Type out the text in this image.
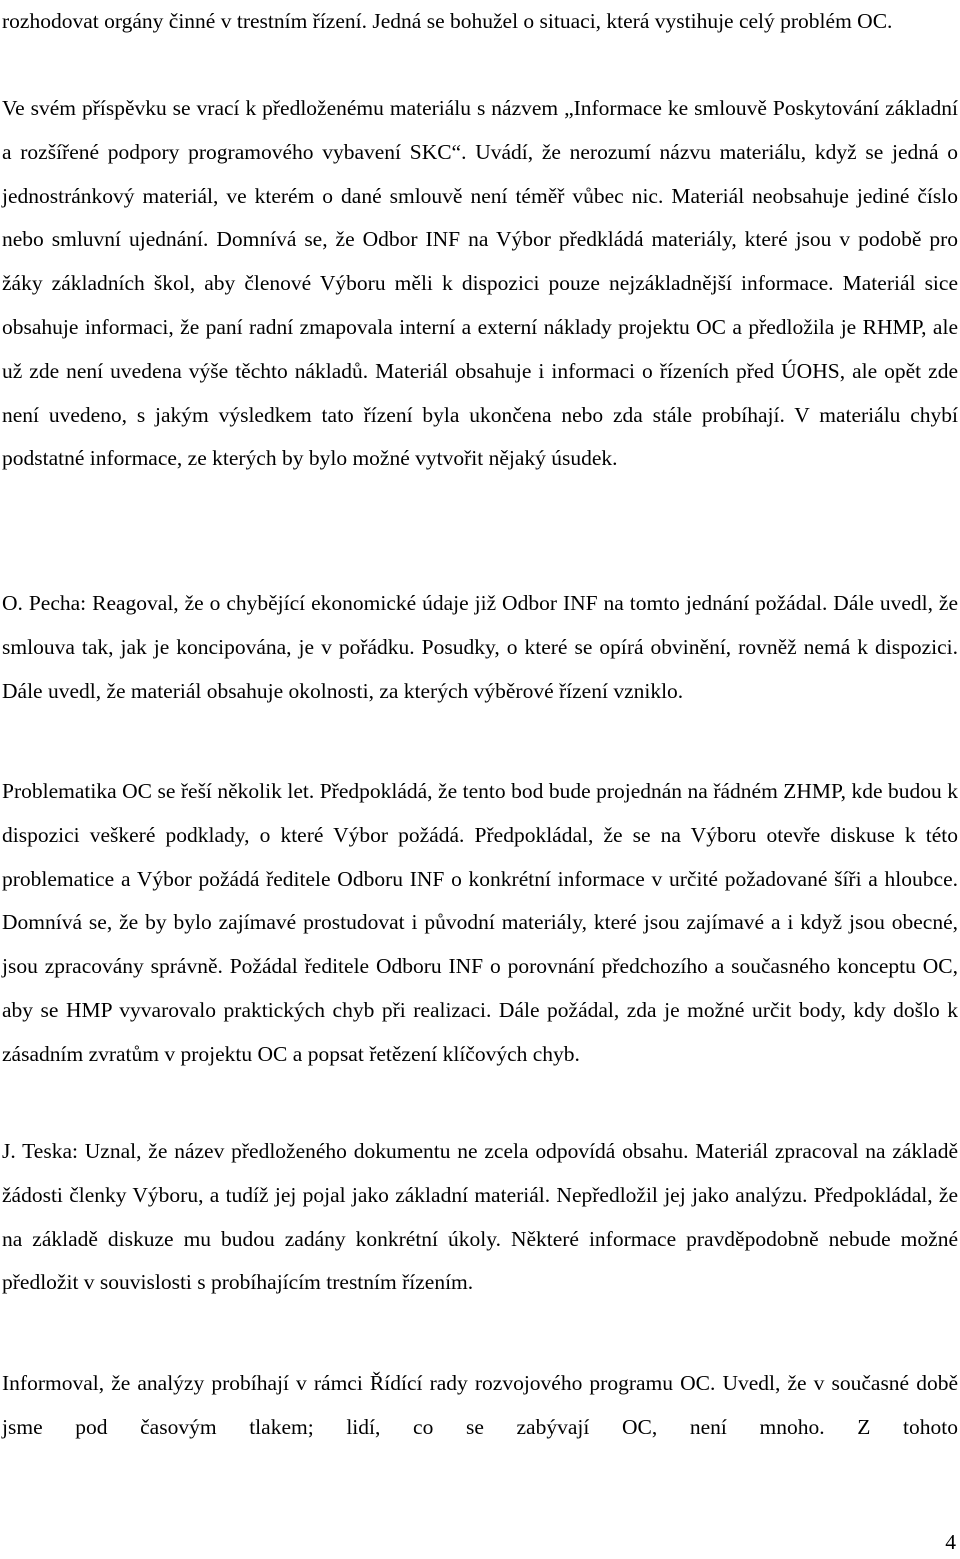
rozhodovat orgány činné v trestním řízení. Jedná se bohužel o situaci, která vystihuje celý problém OC.

Ve svém příspěvku se vrací k předloženému materiálu s názvem „Informace ke smlouvě Poskytování základní a rozšířené podpory programového vybavení SKC“. Uvádí, že nerozumí názvu materiálu, když se jedná o jednostránkový materiál, ve kterém o dané smlouvě není téměř vůbec nic. Materiál neobsahuje jediné číslo nebo smluvní ujednání. Domnívá se, že Odbor INF na Výbor předkládá materiály, které jsou v podobě pro žáky základních škol, aby členové Výboru měli k dispozici pouze nejzákladnější informace. Materiál sice obsahuje informaci, že paní radní zmapovala interní a externí náklady projektu OC a předložila je RHMP, ale už zde není uvedena výše těchto nákladů. Materiál obsahuje i informaci o řízeních před ÚOHS, ale opět zde není uvedeno, s jakým výsledkem tato řízení byla ukončena nebo zda stále probíhají. V materiálu chybí podstatné informace, ze kterých by bylo možné vytvořit nějaký úsudek.

O. Pecha: Reagoval, že o chybějící ekonomické údaje již Odbor INF na tomto jednání požádal. Dále uvedl, že smlouva tak, jak je koncipována, je v pořádku. Posudky, o které se opírá obvinění, rovněž nemá k dispozici. Dále uvedl, že materiál obsahuje okolnosti, za kterých výběrové řízení vzniklo.

Problematika OC se řeší několik let. Předpokládá, že tento bod bude projednán na řádném ZHMP, kde budou k dispozici veškeré podklady, o které Výbor požádá. Předpokládal, že se na Výboru otevře diskuse k této problematice a Výbor požádá ředitele Odboru INF o konkrétní informace v určité požadované šíři a hloubce. Domnívá se, že by bylo zajímavé prostudovat i původní materiály, které jsou zajímavé a i když jsou obecné, jsou zpracovány správně. Požádal ředitele Odboru INF o porovnání předchozího a současného konceptu OC, aby se HMP vyvarovalo praktických chyb při realizaci. Dále požádal, zda je možné určit body, kdy došlo k zásadním zvratům v projektu OC a popsat řetězení klíčových chyb.

J. Teska: Uznal, že název předloženého dokumentu ne zcela odpovídá obsahu. Materiál zpracoval na základě žádosti členky Výboru, a tudíž jej pojal jako základní materiál. Nepředložil jej jako analýzu. Předpokládal, že na základě diskuze mu budou zadány konkrétní úkoly. Některé informace pravděpodobně nebude možné předložit v souvislosti s probíhajícím trestním řízením.

Informoval, že analýzy probíhají v rámci Řídící rady rozvojového programu OC. Uvedl, že v současné době jsme pod časovým tlakem; lidí, co se zabývají OC, není mnoho. Z tohoto

4
